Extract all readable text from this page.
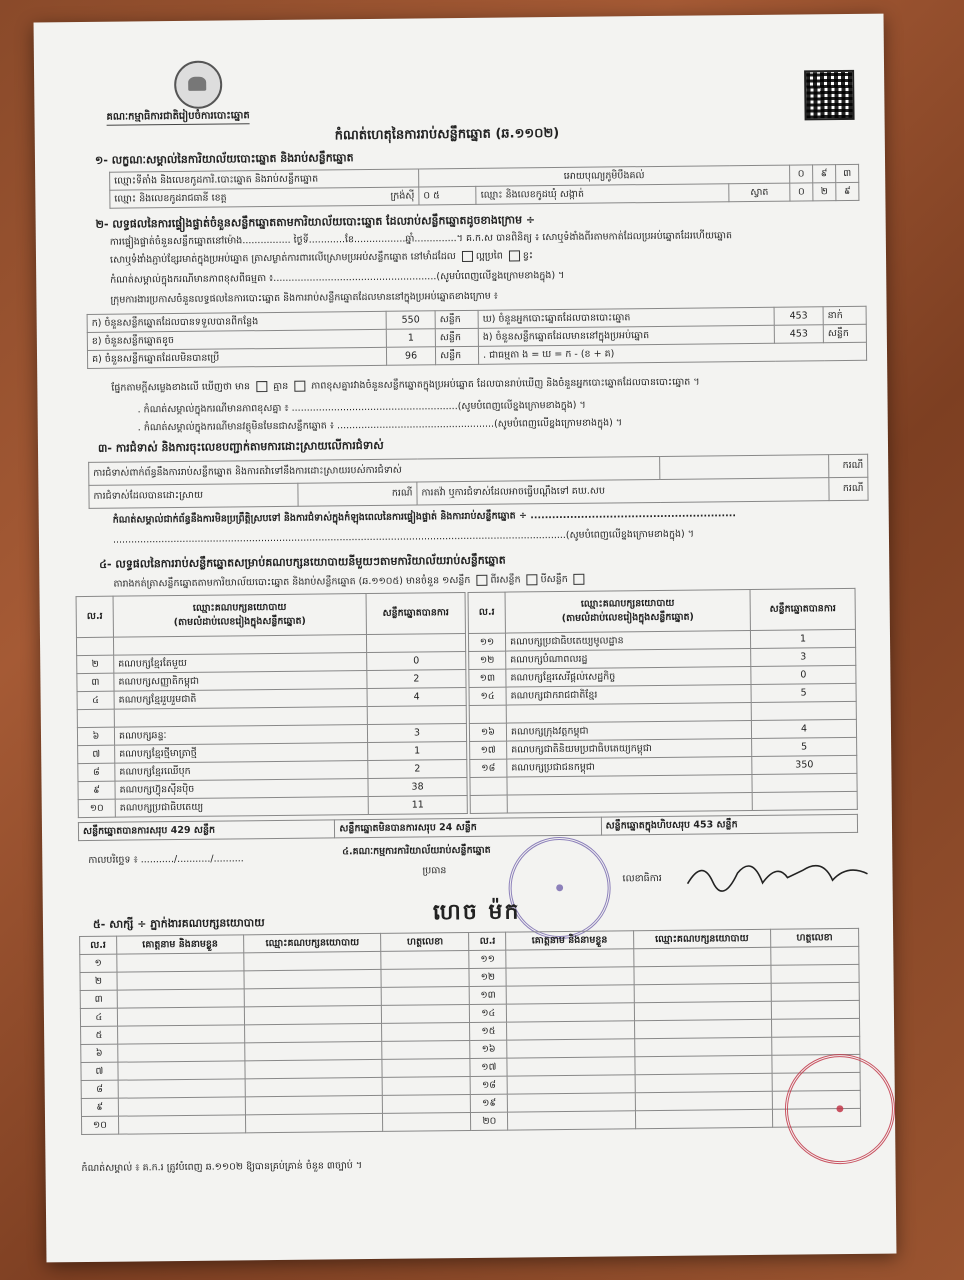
គណៈកម្មាធិការជាតិរៀបចំការបោះឆ្នោត
កំណត់ហេតុនៃការរាប់សន្លឹកឆ្នោត (ឆ.១១០២)
១- លក្ខណៈសម្គាល់នៃការិយាល័យបោះឆ្នោត និងរាប់សន្លឹកឆ្នោត
ឈ្មោះទីតាំង និងលេខកូដការិ.បោះឆ្នោត និងរាប់សន្លឹកឆ្នោត	អោយបុណ្យភូមិបឹងគល់			០	៩	៣
ឈ្មោះ និងលេខកូដរាជធានី ខេត្ត ក្រង់ស៊ី	០ ៥	ឈ្មោះ និងលេខកូដឃុំ សង្កាត់	ស្វាត	០	២	៩
២- លទ្ធផលនៃការផ្ទៀងផ្ទាត់ចំនួនសន្លឹកឆ្នោតតាមការិយាល័យបោះឆ្នោត ដែលរាប់សន្លឹកឆ្នោតដូចខាងក្រោម ÷
ការផ្ទៀងផ្ទាត់ចំនួនសន្លឹកឆ្នោតនៅម៉ោង................ ថ្ងៃទី............ខែ.................ឆ្នាំ..............។ គ.ក.ស បានពិនិត្យ ៖ សោឬទំងាំងពីរតាមកាត់ដែលប្រអប់ឆ្នោតដែរហើយឆ្នោត
សោឬទំងាំងភ្ជាប់ខ្សែរមាត់ក្នុងប្រអប់ឆ្នោត ត្រាសម្ងាត់ការពារលើស្រោមប្រអប់សន្លឹកឆ្នោត នៅមាំដដែល ល្អប្រពៃ ខ្វះ
កំណត់សម្គាល់ក្នុងករណីមានភាពខុសពីធម្មតា ៖......................................................(សូមបំពេញលើខ្នងក្រោមខាងក្នុង) ។
ក្រុមការងារប្រកាសចំនួនលទ្ធផលនៃការបោះឆ្នោត និងការរាប់សន្លឹកឆ្នោតដែលមាននៅក្នុងប្រអប់ឆ្នោតខាងក្រោម ៖
ក) ចំនួនសន្លឹកឆ្នោតដែលបានទទួលបានពីកន្លែង	550	សន្លឹក	ឃ) ចំនួនអ្នកបោះឆ្នោតដែលបានបោះឆ្នោត	453	នាក់
ខ) ចំនួនសន្លឹកឆ្នោតខូច	1	សន្លឹក	ង) ចំនួនសន្លឹកឆ្នោតដែលមាននៅក្នុងប្រអប់ឆ្នោត	453	សន្លឹក
គ) ចំនួនសន្លឹកឆ្នោតដែលមិនបានប្រើ	96	សន្លឹក	. ជាធម្មតា ង = ឃ = ក - (ខ + គ)		
ផ្នែកតាមក្តីសម្លេងខាងលើ ឃើញថា មាន គ្មាន ភាពខុសគ្នារវាងចំនួនសន្លឹកឆ្នោតក្នុងប្រអប់ឆ្នោត ដែលបានរាប់ឃើញ និងចំនួនអ្នកបោះឆ្នោតដែលបានបោះឆ្នោត ។
. កំណត់សម្គាល់ក្នុងករណីមានភាពខុសគ្នា ៖ .......................................................(សូមបំពេញលើខ្នងក្រោមខាងក្នុង) ។
. កំណត់សម្គាល់ក្នុងករណីមានវត្ថុមិនមែនជាសន្លឹកឆ្នោត ៖ ....................................................(សូមបំពេញលើខ្នងក្រោមខាងក្នុង) ។
៣- ការជំទាស់ និងការចុះលេខបញ្ជាក់តាមការដោះស្រាយលើការជំទាស់
ការជំទាស់ពាក់ព័ន្ធនឹងការរាប់សន្លឹកឆ្នោត និងការតវ៉ាទៅនឹងការដោះស្រាយរបស់ការជំទាស់				ករណី
ការជំទាស់ដែលបានដោះស្រាយ	ករណី	ការតវ៉ា ឬការជំទាស់ដែលអាចធ្វើបណ្តឹងទៅ គឃ.សប		ករណី
កំណត់សម្គាល់ជាក់ព័ន្ធនឹងការមិនប្រព្រឹត្តិស្របទៅ និងការជំទាស់ក្នុងកំឡុងពេលនៃការផ្ទៀងផ្ទាត់ និងការរាប់សន្លឹកឆ្នោត ÷ .........................................................
......................................................................................................................................................(សូមបំពេញលើខ្នងក្រោមខាងក្នុង) ។
៤- លទ្ធផលនៃការរាប់សន្លឹកឆ្នោតសម្រាប់គណបក្សនយោបាយនីមួយៗតាមការិយាល័យរាប់សន្លឹកឆ្នោត
តារាងកត់ត្រាសន្លឹកឆ្នោតតាមការិយាល័យបោះឆ្នោត និងរាប់សន្លឹកឆ្នោត (ឆ.១១០៥) មានចំនួន ១សន្លឹក ពីរសន្លឹក បីសន្លឹក
ល.រ	ឈ្មោះគណបក្សនយោបាយ
(តាមលំដាប់លេខរៀងក្នុងសន្លឹកឆ្នោត)	សន្លឹកឆ្នោតបានការ

២	គណបក្សខ្មែរតែមួយ	0
៣	គណបក្សសញ្ញាតិកម្ពុជា	2
៤	គណបក្សខ្មែររួបរួមជាតិ	4

៦	គណបក្សឆន្ទៈ	3
៧	គណបក្សខ្មែរថ្មីមាត្រាថ្មី	1
៨	គណបក្សខ្មែរឈើបុក	2
៩	គណបក្សហ៊្វុនស៊ីនប៉ិច	38
១០	គណបក្សប្រជាធិបតេយ្យ	11
ល.រ	ឈ្មោះគណបក្សនយោបាយ
(តាមលំដាប់លេខរៀងក្នុងសន្លឹកឆ្នោត)	សន្លឹកឆ្នោតបានការ
១១	គណបក្សប្រជាធិបតេយ្យមូលដ្ឋាន	1
១២	គណបក្សបំណាពលរដ្ឋ	3
១៣	គណបក្សខ្មែរសេរីផ្តល់សេដ្ឋកិច្ច	0
១៤	គណបក្សជាករាជជាតិខ្មែរ	5

១៦	គណបក្សក្រុងវត្តកម្ពុជា	4
១៧	គណបក្សជាតិនិយមប្រជាធិបតេយ្យកម្ពុជា	5
១៨	គណបក្សប្រជាជនកម្ពុជា	350

សន្លឹកឆ្នោតបានការសរុប 429 សន្លឹក	សន្លឹកឆ្នោតមិនបានការសរុប 24 សន្លឹក	សន្លឹកឆ្នោតក្នុងហិបសរុប 453 សន្លឹក
កាលបរិច្ឆេទ ៖ .........../.........../..........
៤.គណៈកម្មការការិយាល័យរាប់សន្លឹកឆ្នោត
ប្រធាន
លេខាធិការ
●
ហេច ម៉ក
៥- សាក្សី ÷ ភ្នាក់ងារគណបក្សនយោបាយ
ល.រ	គោត្តនាម និងនាមខ្លួន	ឈ្មោះគណបក្សនយោបាយ	ហត្ថលេខា	ល.រ	គោត្តនាម និងនាមខ្លួន	ឈ្មោះគណបក្សនយោបាយ	ហត្ថលេខា
១				១១			
២				១២			
៣				១៣			
៤				១៤			
៥				១៥			
៦				១៦			
៧				១៧			
៨				១៨			
៩				១៩			
១០				២០			
●
កំណត់សម្គាល់ ៖ គ.ក.រ ត្រូវបំពេញ ឆ.១១០២ ឱ្យបានគ្រប់គ្រាន់ ចំនួន ៣ច្បាប់ ។
